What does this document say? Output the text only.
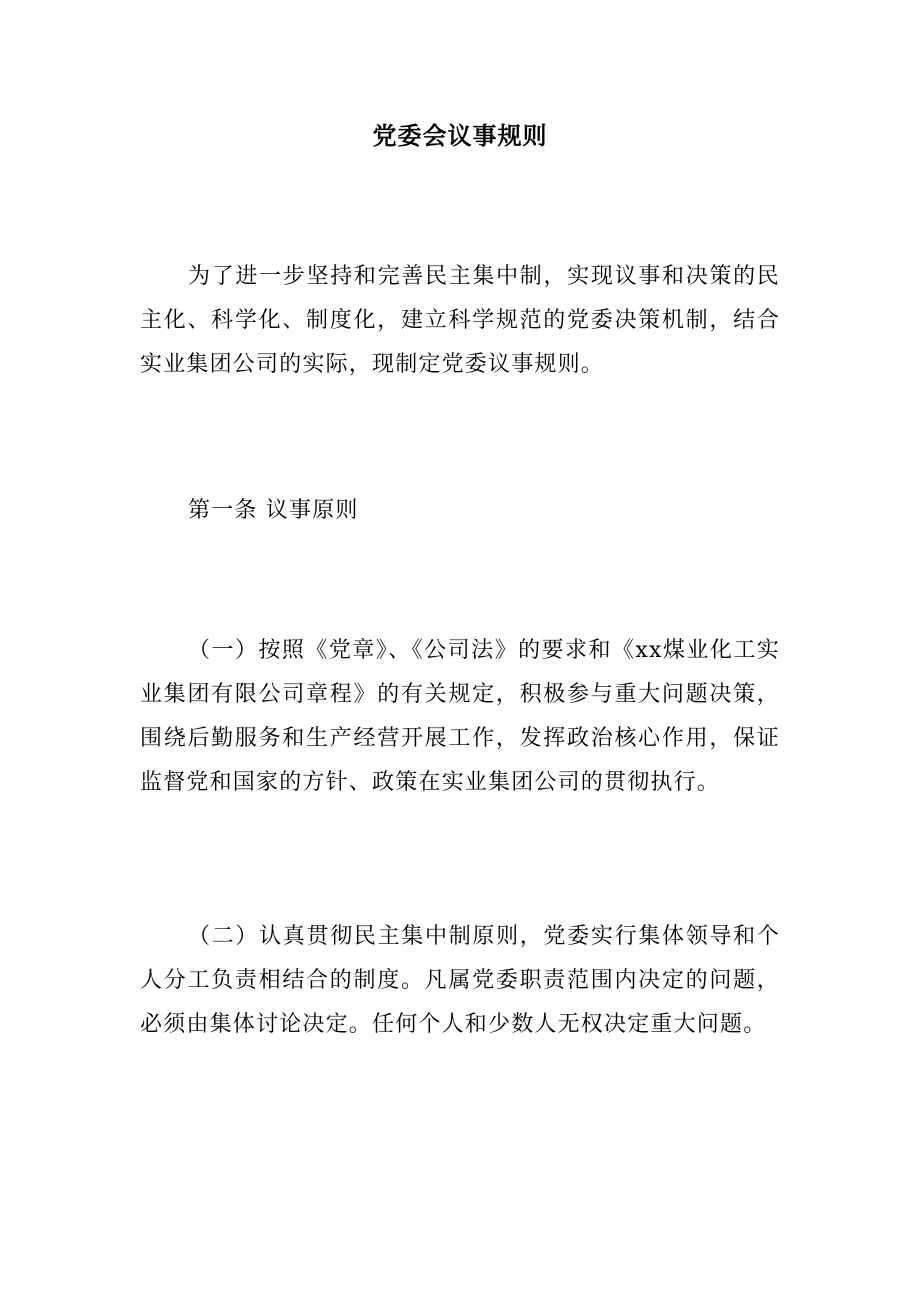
党委会议事规则

为了进一步坚持和完善民主集中制，实现议事和决策的民主化、科学化、制度化，建立科学规范的党委决策机制，结合实业集团公司的实际，现制定党委议事规则。

第一条 议事原则

（一）按照《党章》、《公司法》的要求和《xx煤业化工实业集团有限公司章程》的有关规定，积极参与重大问题决策，围绕后勤服务和生产经营开展工作，发挥政治核心作用，保证监督党和国家的方针、政策在实业集团公司的贯彻执行。

（二）认真贯彻民主集中制原则，党委实行集体领导和个人分工负责相结合的制度。凡属党委职责范围内决定的问题，必须由集体讨论决定。任何个人和少数人无权决定重大问题。
